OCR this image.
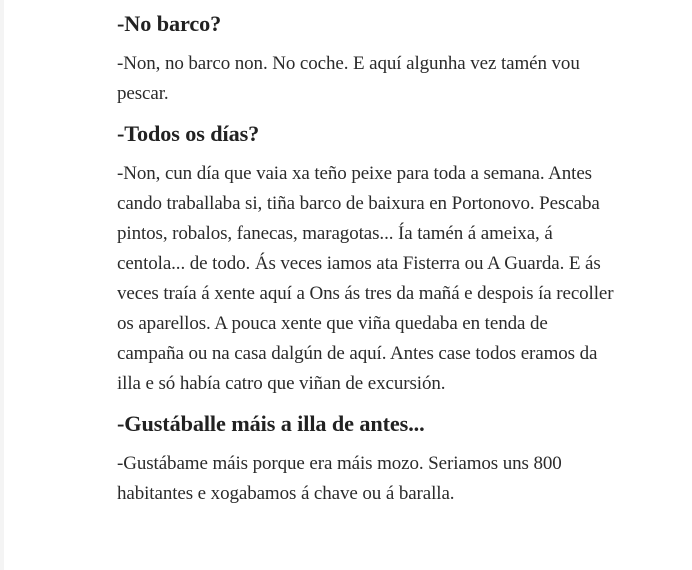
-No barco?

-Non, no barco non. No coche. E aquí algunha vez tamén vou
pescar.

-Todos os días?

-Non, cun día que vaia xa teño peixe para toda a semana. Antes
cando traballaba si, tiña barco de baixura en Portonovo. Pescaba
pintos, robalos, fanecas, maragotas... Ía tamén á ameixa, á
centola... de todo. Ás veces iamos ata Fisterra ou A Guarda. E ás
veces traía á xente aquí a Ons ás tres da mañá e despois ía recoller
os aparellos. A pouca xente que viña quedaba en tenda de
campaña ou na casa dalgún de aquí. Antes case todos eramos da
illa e só había catro que viñan de excursión.

-Gustáballe máis a illa de antes...

-Gustábame máis porque era máis mozo. Seriamos uns 800
habitantes e xogabamos á chave ou á baralla.
